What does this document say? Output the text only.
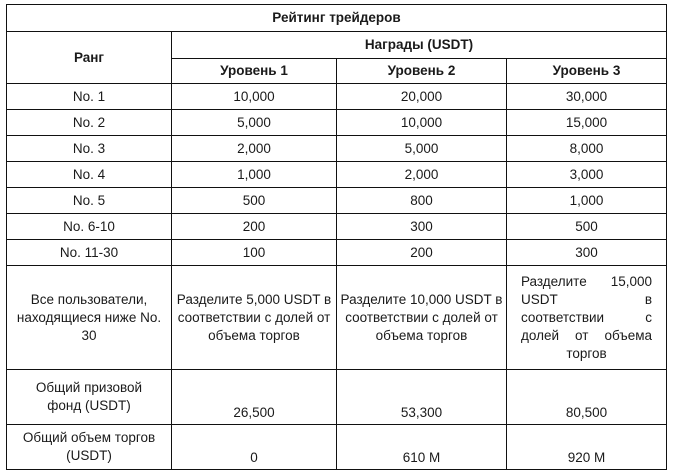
Рейтинг трейдеров			
Ранг	Награды (USDT)		
	Уровень 1	Уровень 2	Уровень 3
No. 1	10,000	20,000	30,000
No. 2	5,000	10,000	15,000
No. 3	2,000	5,000	8,000
No. 4	1,000	2,000	3,000
No. 5	500	800	1,000
No. 6-10	200	300	500
No. 11-30	100	200	300
Все пользователи, находящиеся ниже No. 30	Разделите 5,000 USDT в соответствии с долей от объема торгов	Разделите 10,000 USDT в соответствии с долей от объема торгов	Разделите 15,000 USDT в соответствии с долей от объема торгов
Общий призовой фонд (USDT)	26,500	53,300	80,500
Общий объем торгов (USDT)	0	610 M	920 M
